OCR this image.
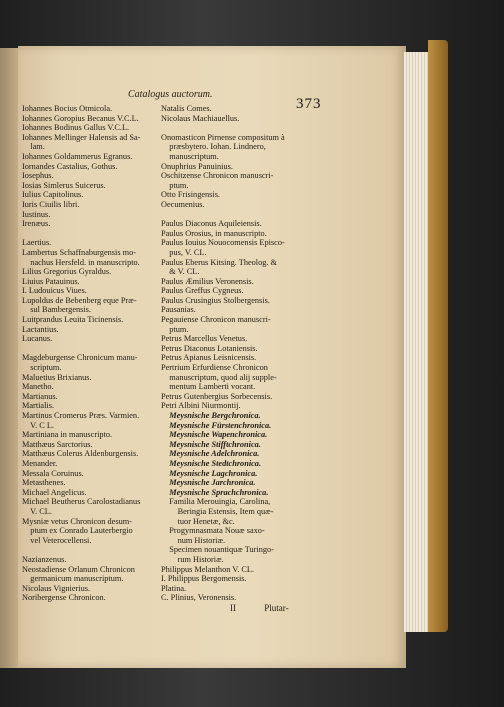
Catalogus auctorum.
373
Iohannes Bocius Otmicola.
Iohannes Goropius Becanus V.C.L.
Iohannes Bodinus Gallus V.C.L.
Iohannes Mellinger Halensis ad Sa-
lam.
Iohannes Goldammerus Egranus.
Iornandes Castalius, Gothus.
Iosephus.
Iosias Simlerus Suicerus.
Iulius Capitolinus.
Iuris Ciuilis libri.
Iustinus.
Irenæus.
Laertius.
Lambertus Schaffnaburgensis mo-
nachus Hersfeld. in manuscripto.
Lilius Gregorius Gyraldus.
Liuius Patauinus.
I. Ludouicus Viues.
Lupoldus de Bebenberg eque Præ-
sul Bambergensis.
Luitprandus Leuita Ticinensis.
Lactantius.
Lucanus.
Magdeburgense Chronicum manu-
scriptum.
Maluetius Brixianus.
Manetho.
Martianus.
Martialis.
Martinus Cromerus Præs. Varmien.
V. C L.
Martiniana in manuscripto.
Matthæus Sarctorius.
Matthæus Colerus Aldenburgensis.
Menander.
Messala Coruinus.
Metasthenes.
Michael Angelicus.
Michael Beutherus Carolostadianus
V. CL.
Mysniæ vetus Chronicon desum-
ptum ex Conrado Lauterbergio
vel Veterocellensi.
Nazianzenus.
Neostadiense Orlanum Chronicon
germanicum manuscriptum.
Nicolaus Vignierius.
Noribergense Chronicon.
Natalis Comes.
Nicolaus Machiauellus.
Onomasticon Pirnense compositum à
præsbytero. Iohan. Lindnero,
manuscriptum.
Onuphrius Panuinius.
Oschitzense Chronicon manuscri-
ptum.
Otto Frisingensis.
Oecumenius.
Paulus Diaconus Aquileiensis.
Paulus Orosius, in manuscripto.
Paulus Iouius Nouocomensis Episco-
pus, V. CL.
Paulus Eberus Kitsing. Theolog. &
& V. CL.
Paulus Æmilius Veronensis.
Paulus Greffus Cygneus.
Paulus Crusingius Stolbergensis.
Pausanias.
Pegauiense Chronicon manuscri-
ptum.
Petrus Marcellus Venetus.
Petrus Diaconus Lotaniensis.
Petrus Apianus Leisnicensis.
Pertrium Erfurdiense Chronicon
manuscriptum, quod alij supple-
mentum Lamberti vocant.
Petrus Gutenbergius Sorbecensis.
Petri Albini Niurmontij.
Meysnische Bergchronica.
Meysnische Fürstenchronica.
Meysnische Wapenchronica.
Meysnische Stifftchronica.
Meysnische Adelchronica.
Meysnische Stedtchronica.
Meysnische Lagchronica.
Meysnische Jarchronica.
Meysnische Sprachchronica.
Familia Merouingia, Carolina,
Beringia Estensis, Item quæ-
tuor Henetæ, &c.
Progymnasmata Nouæ saxo-
num Historiæ.
Specimen nouantiquæ Turingo-
rum Historiæ.
Philippus Melanthon V. CL.
I. Philippus Bergomensis.
Platina.
C. Plinius, Veronensis.
II	Plutar-
